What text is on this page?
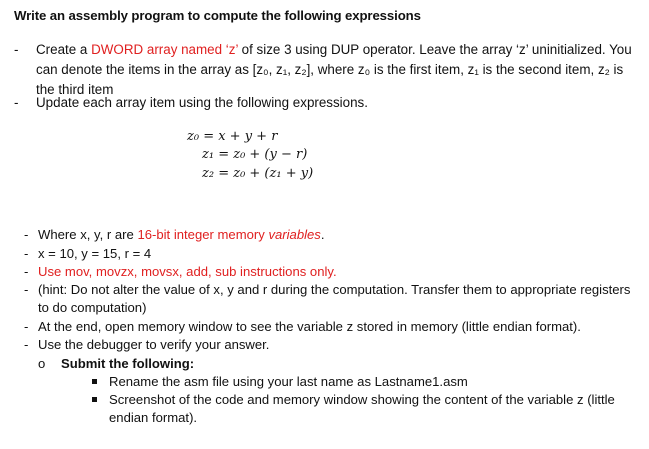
Write an assembly program to compute the following expressions
- Create a DWORD array named ‘z’ of size 3 using DUP operator. Leave the array ‘z’ uninitialized. You can denote the items in the array as [z₀, z₁, z₂], where z₀ is the first item, z₁ is the second item, z₂ is the third item
- Update each array item using the following expressions.
z₀ = x + y + r
z₁ = z₀ + (y − r)
z₂ = z₀ + (z₁ + y)
- Where x, y, r are 16-bit integer memory variables.
- x = 10, y = 15, r = 4
- Use mov, movzx, movsx, add, sub instructions only.
- (hint: Do not alter the value of x, y and r during the computation. Transfer them to appropriate registers to do computation)
- At the end, open memory window to see the variable z stored in memory (little endian format).
- Use the debugger to verify your answer.
o Submit the following:
Rename the asm file using your last name as Lastname1.asm
Screenshot of the code and memory window showing the content of the variable z (little endian format).
